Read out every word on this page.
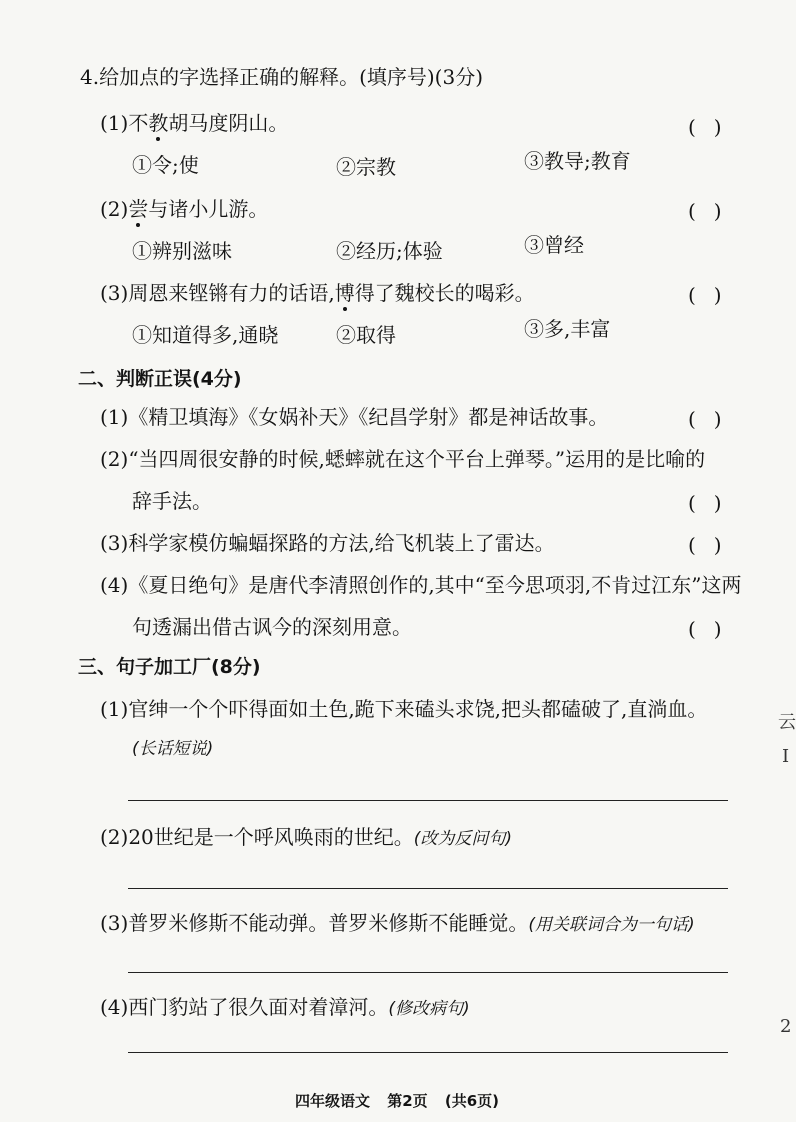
4.给加点的字选择正确的解释。(填序号)(3分)
(1)不教胡马度阴山。	()
①令;使	②宗教	③教导;教育
(2)尝与诸小儿游。	()
①辨别滋味	②经历;体验	③曾经
(3)周恩来铿锵有力的话语,博得了魏校长的喝彩。	()
①知道得多,通晓	②取得	③多,丰富
二、判断正误(4分)
(1)《精卫填海》《女娲补天》《纪昌学射》都是神话故事。	()
(2)“当四周很安静的时候,蟋蟀就在这个平台上弹琴。”运用的是比喻的
辞手法。	()
(3)科学家模仿蝙蝠探路的方法,给飞机装上了雷达。	()
(4)《夏日绝句》是唐代李清照创作的,其中“至今思项羽,不肯过江东”这两
句透漏出借古讽今的深刻用意。	()
三、句子加工厂(8分)
(1)官绅一个个吓得面如土色,跪下来磕头求饶,把头都磕破了,直淌血。
(长话短说)
(2)20世纪是一个呼风唤雨的世纪。(改为反问句)
(3)普罗米修斯不能动弹。普罗米修斯不能睡觉。(用关联词合为一句话)
(4)西门豹站了很久面对着漳河。(修改病句)
云
I
2
四年级语文 第2页 (共6页)
